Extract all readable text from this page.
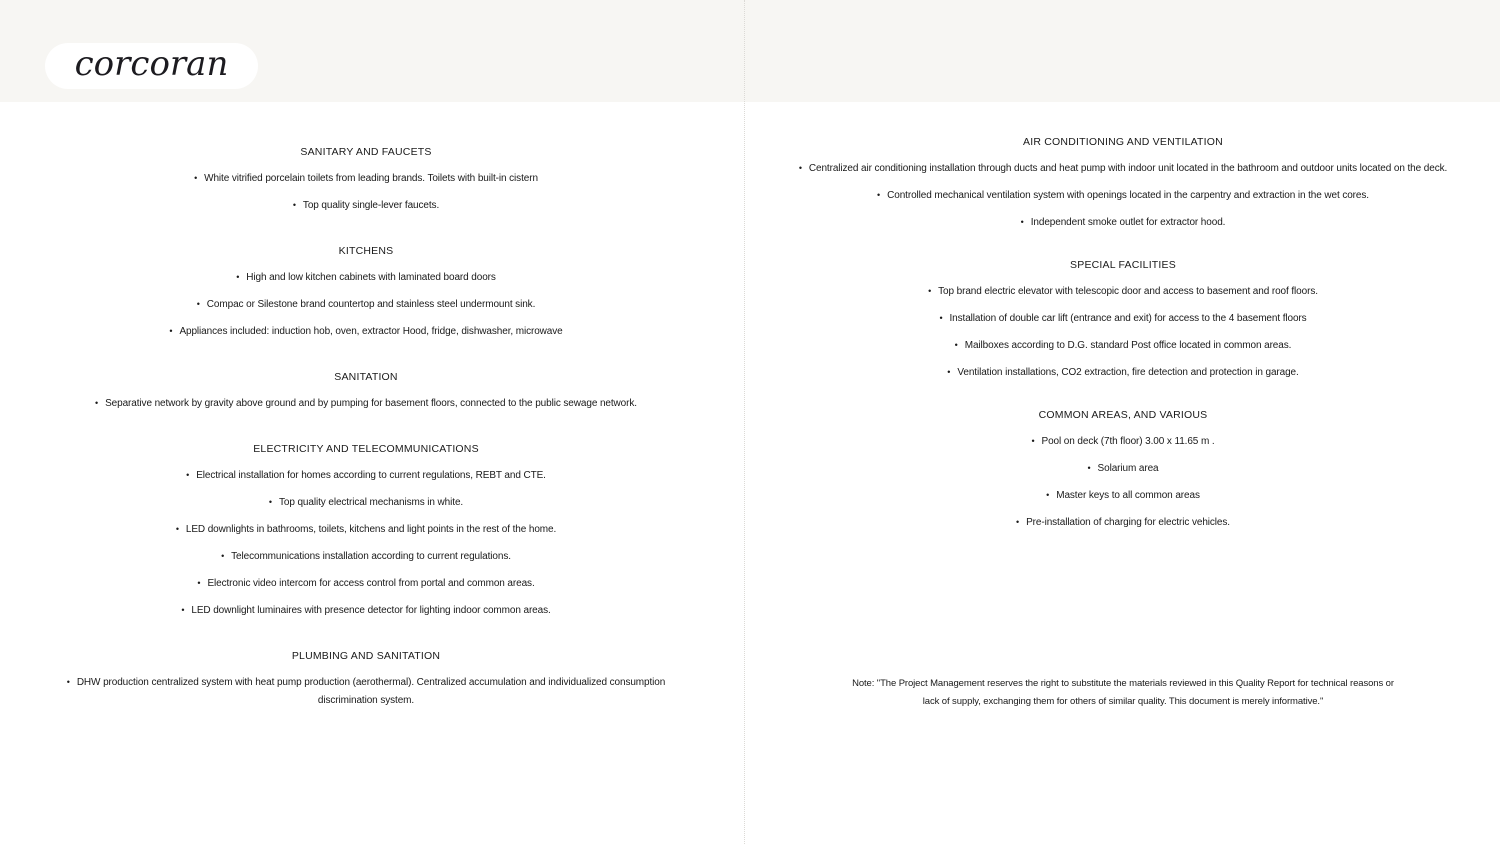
corcoran
SANITARY AND FAUCETS
• White vitrified porcelain toilets from leading brands. Toilets with built-in cistern
• Top quality single-lever faucets.
KITCHENS
• High and low kitchen cabinets with laminated board doors
• Compac or Silestone brand countertop and stainless steel undermount sink.
• Appliances included: induction hob, oven, extractor Hood, fridge, dishwasher, microwave
SANITATION
• Separative network by gravity above ground and by pumping for basement floors, connected to the public sewage network.
ELECTRICITY AND TELECOMMUNICATIONS
• Electrical installation for homes according to current regulations, REBT and CTE.
• Top quality electrical mechanisms in white.
• LED downlights in bathrooms, toilets, kitchens and light points in the rest of the home.
• Telecommunications installation according to current regulations.
• Electronic video intercom for access control from portal and common areas.
• LED downlight luminaires with presence detector for lighting indoor common areas.
PLUMBING AND SANITATION
• DHW production centralized system with heat pump production (aerothermal). Centralized accumulation and individualized consumption discrimination system.
AIR CONDITIONING AND VENTILATION
• Centralized air conditioning installation through ducts and heat pump with indoor unit located in the bathroom and outdoor units located on the deck.
• Controlled mechanical ventilation system with openings located in the carpentry and extraction in the wet cores.
• Independent smoke outlet for extractor hood.
SPECIAL FACILITIES
• Top brand electric elevator with telescopic door and access to basement and roof floors.
• Installation of double car lift (entrance and exit) for access to the 4 basement floors
• Mailboxes according to D.G. standard Post office located in common areas.
• Ventilation installations, CO2 extraction, fire detection and protection in garage.
COMMON AREAS, AND VARIOUS
• Pool on deck (7th floor) 3.00 x 11.65 m .
• Solarium area
• Master keys to all common areas
• Pre-installation of charging for electric vehicles.
Note: "The Project Management reserves the right to substitute the materials reviewed in this Quality Report for technical reasons or
lack of supply, exchanging them for others of similar quality. This document is merely informative."
